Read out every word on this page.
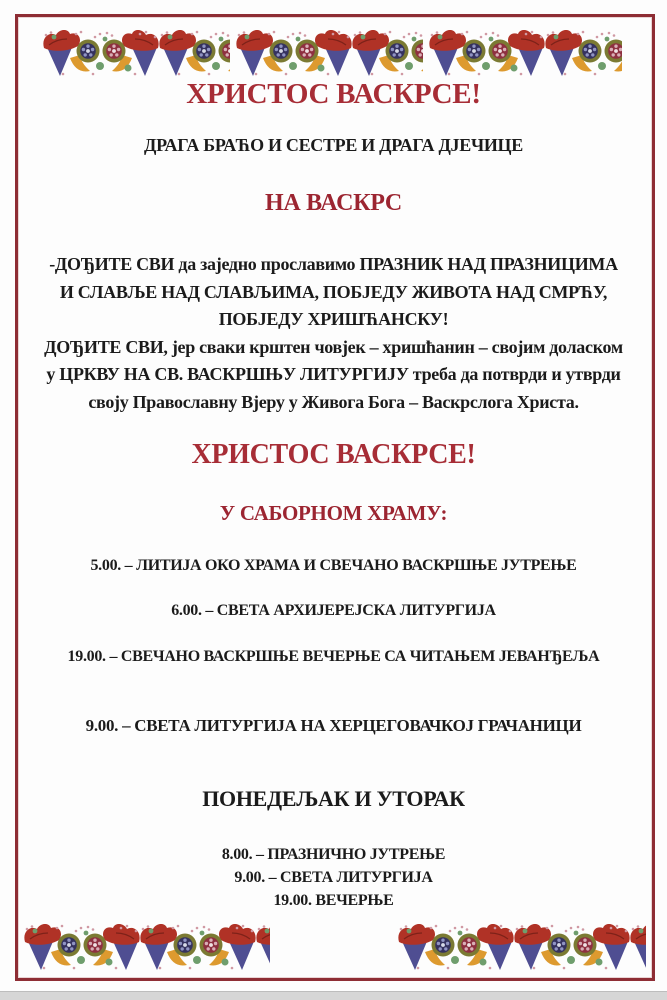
ХРИСТОС ВАСКРСЕ!
ДРАГА БРАЋО И СЕСТРЕ И ДРАГА ДЈЕЧИЦЕ
НА ВАСКРС
-ДОЂИТЕ СВИ да заједно прославимо ПРАЗНИК НАД ПРАЗНИЦИМА
И СЛАВЉЕ НАД СЛАВЉИМА, ПОБЈЕДУ ЖИВОТА НАД СМРЋУ,
ПОБЈЕДУ ХРИШЋАНСКУ!
ДОЂИТЕ СВИ, јер сваки крштен човјек – хришћанин – својим доласком
у ЦРКВУ НА СВ. ВАСКРШЊУ ЛИТУРГИЈУ треба да потврди и утврди
своју Православну Вјеру у Живога Бога – Васкрслога Христа.
ХРИСТОС ВАСКРСЕ!
У САБОРНОМ ХРАМУ:
5.00. – ЛИТИЈА ОКО ХРАМА И СВЕЧАНО ВАСКРШЊЕ ЈУТРЕЊЕ
6.00. – СВЕТА АРХИЈЕРЕЈСКА ЛИТУРГИЈА
19.00. – СВЕЧАНО ВАСКРШЊЕ ВЕЧЕРЊЕ СА ЧИТАЊЕМ ЈЕВАНЂЕЉА
9.00. – СВЕТА ЛИТУРГИЈА НА ХЕРЦЕГОВАЧКОЈ ГРАЧАНИЦИ
ПОНЕДЕЉАК И УТОРАК
8.00. – ПРАЗНИЧНО ЈУТРЕЊЕ
9.00. – СВЕТА ЛИТУРГИЈА
19.00. ВЕЧЕРЊЕ
